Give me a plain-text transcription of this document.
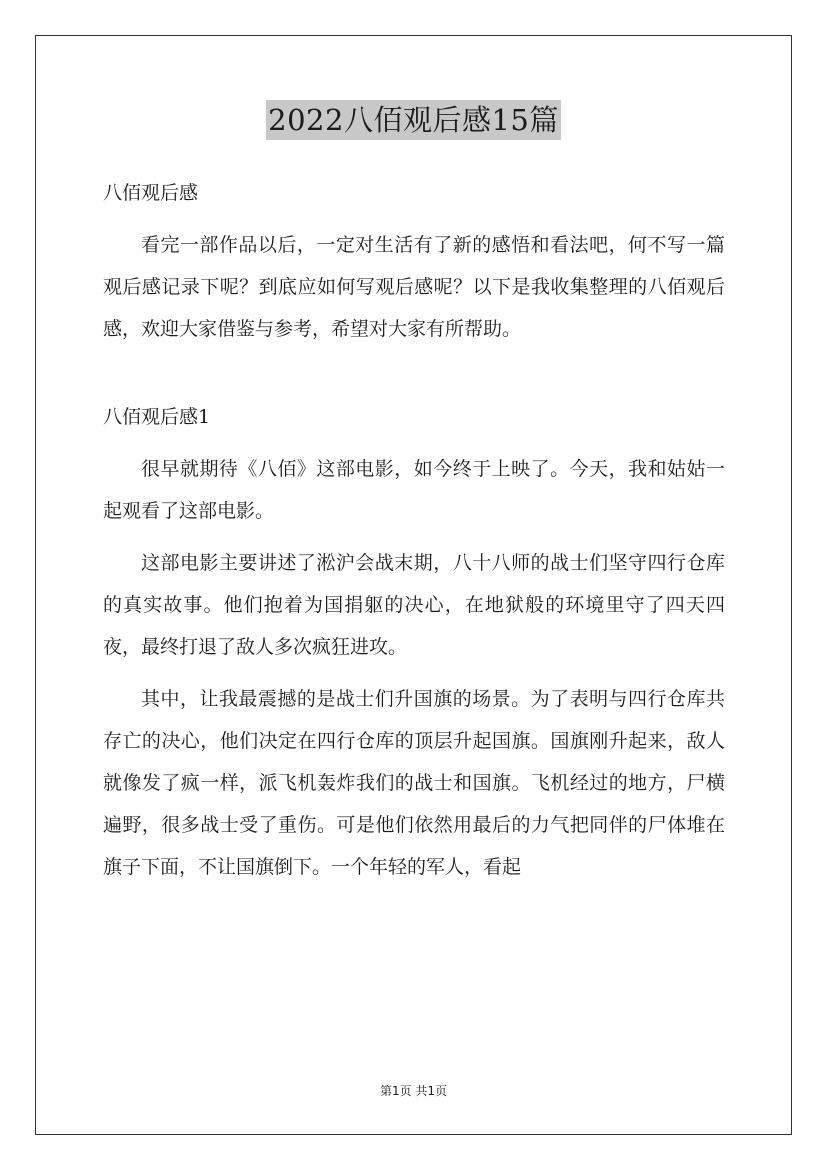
2022八佰观后感15篇

八佰观后感

看完一部作品以后，一定对生活有了新的感悟和看法吧，何不写一篇观后感记录下呢？到底应如何写观后感呢？以下是我收集整理的八佰观后感，欢迎大家借鉴与参考，希望对大家有所帮助。

八佰观后感1

很早就期待《八佰》这部电影，如今终于上映了。今天，我和姑姑一起观看了这部电影。

这部电影主要讲述了淞沪会战末期，八十八师的战士们坚守四行仓库的真实故事。他们抱着为国捐躯的决心，在地狱般的环境里守了四天四夜，最终打退了敌人多次疯狂进攻。

其中，让我最震撼的是战士们升国旗的场景。为了表明与四行仓库共存亡的决心，他们决定在四行仓库的顶层升起国旗。国旗刚升起来，敌人就像发了疯一样，派飞机轰炸我们的战士和国旗。飞机经过的地方，尸横遍野，很多战士受了重伤。可是他们依然用最后的力气把同伴的尸体堆在旗子下面，不让国旗倒下。一个年轻的军人，看起

第1页 共1页
